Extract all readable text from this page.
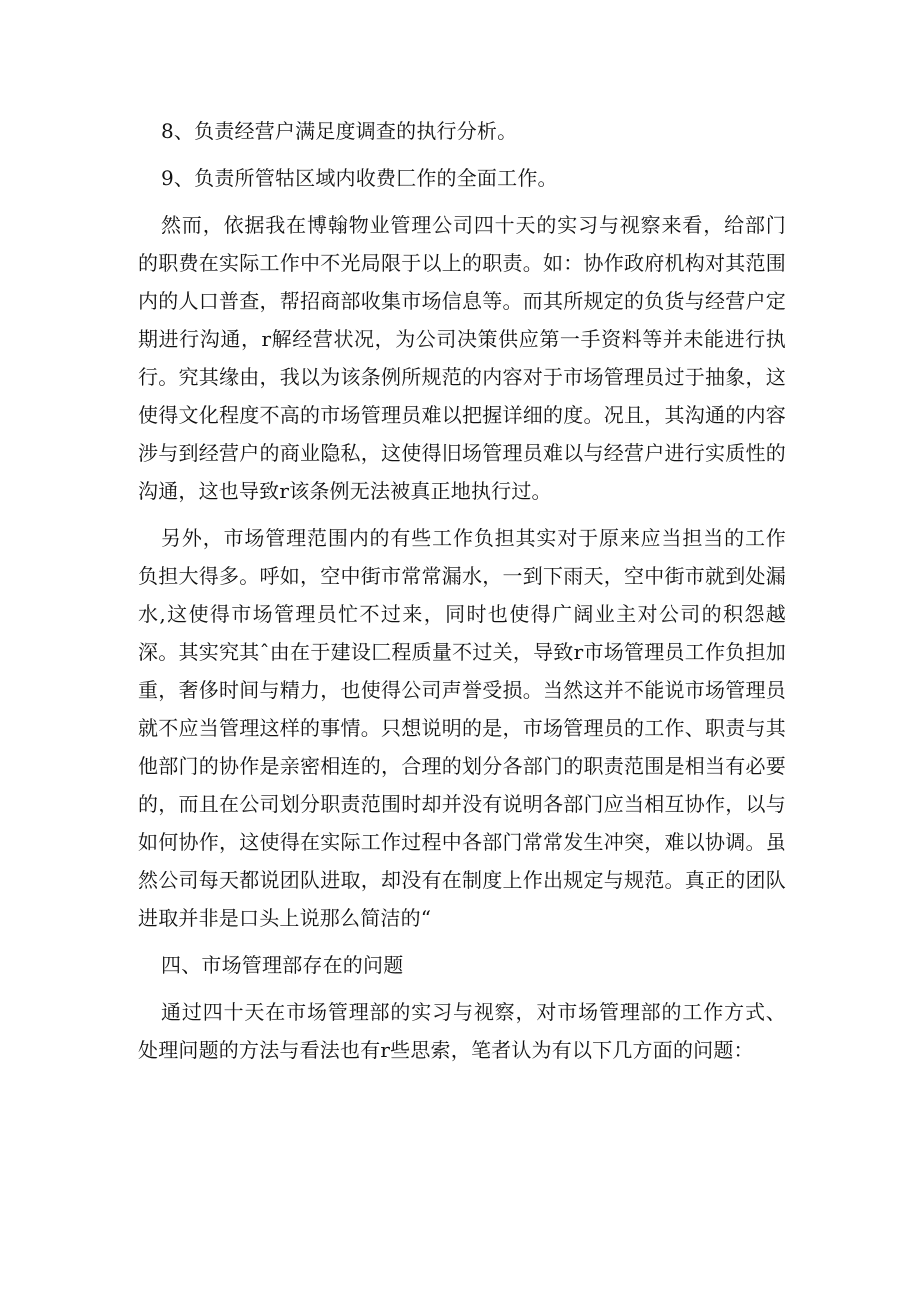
8、负责经营户满足度调查的执行分析。

9、负责所管牯区域内收费匚作的全面工作。

然而，依据我在博翰物业管理公司四十天的实习与视察来看，给部门的职费在实际工作中不光局限于以上的职责。如：协作政府机构对其范围内的人口普查，帮招商部收集市场信息等。而其所规定的负货与经营户定期进行沟通，r解经营状况，为公司决策供应第一手资料等并未能进行执行。究其缘由，我以为该条例所规范的内容对于市场管理员过于抽象，这使得文化程度不高的市场管理员难以把握详细的度。况且，其沟通的内容涉与到经营户的商业隐私，这使得旧场管理员难以与经营户进行实质性的沟通，这也导致r该条例无法被真正地执行过。

另外，市场管理范围内的有些工作负担其实对于原来应当担当的工作负担大得多。呼如，空中街市常常漏水，一到下雨天，空中街市就到处漏水,这使得市场管理员忙不过来，同时也使得广阔业主对公司的积怨越深。其实究其ˆ由在于建设匚程质量不过关，导致r市场管理员工作负担加重，奢侈时间与精力，也使得公司声誉受损。当然这并不能说市场管理员就不应当管理这样的事情。只想说明的是，市场管理员的工作、职责与其他部门的协作是亲密相连的，合理的划分各部门的职责范围是相当有必要的，而且在公司划分职责范围时却并没有说明各部门应当相互协作，以与如何协作，这使得在实际工作过程中各部门常常发生冲突，难以协调。虽然公司每天都说团队进取，却没有在制度上作出规定与规范。真正的团队进取并非是口头上说那么简洁的“

四、市场管理部存在的问题

通过四十天在市场管理部的实习与视察，对市场管理部的工作方式、处理问题的方法与看法也有r些思索，笔者认为有以下几方面的问题：
